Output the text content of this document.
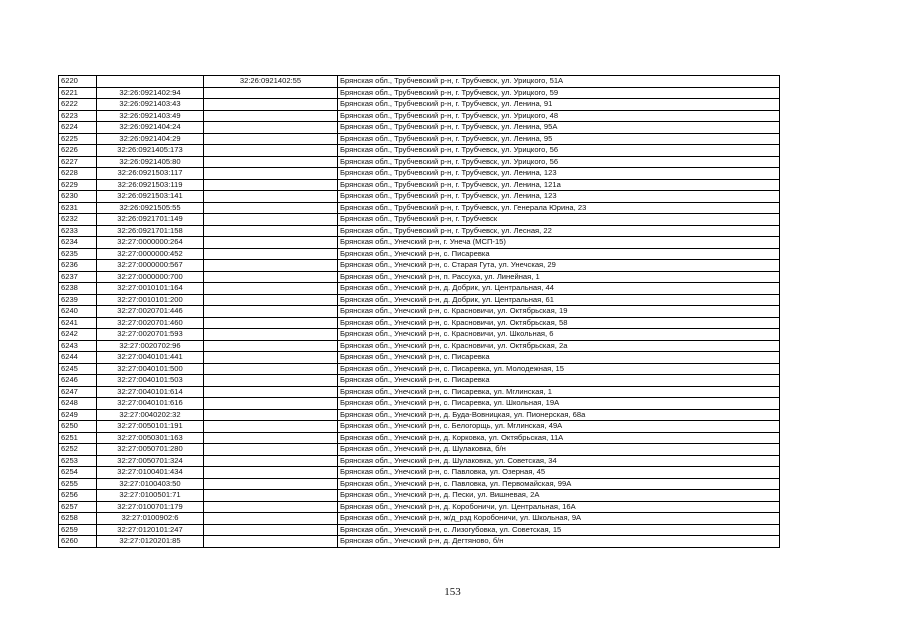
6220		32:26:0921402:55	Брянская обл., Трубчевский р-н, г. Трубчевск, ул. Урицкого, 51А
6221	32:26:0921402:94		Брянская обл., Трубчевский р-н, г. Трубчевск, ул. Урицкого, 59
6222	32:26:0921403:43		Брянская обл., Трубчевский р-н, г. Трубчевск, ул. Ленина, 91
6223	32:26:0921403:49		Брянская обл., Трубчевский р-н, г. Трубчевск, ул. Урицкого, 48
6224	32:26:0921404:24		Брянская обл., Трубчевский р-н, г. Трубчевск, ул. Ленина, 95А
6225	32:26:0921404:29		Брянская обл., Трубчевский р-н, г. Трубчевск, ул. Ленина, 95
6226	32:26:0921405:173		Брянская обл., Трубчевский р-н, г. Трубчевск, ул. Урицкого, 56
6227	32:26:0921405:80		Брянская обл., Трубчевский р-н, г. Трубчевск, ул. Урицкого, 56
6228	32:26:0921503:117		Брянская обл., Трубчевский р-н, г. Трубчевск, ул. Ленина, 123
6229	32:26:0921503:119		Брянская обл., Трубчевский р-н, г. Трубчевск, ул. Ленина, 121а
6230	32:26:0921503:141		Брянская обл., Трубчевский р-н, г. Трубчевск, ул. Ленина, 123
6231	32:26:0921505:55		Брянская обл., Трубчевский р-н, г. Трубчевск, ул. Генерала Юрина, 23
6232	32:26:0921701:149		Брянская обл., Трубчевский р-н, г. Трубчевск
6233	32:26:0921701:158		Брянская обл., Трубчевский р-н, г. Трубчевск, ул. Лесная, 22
6234	32:27:0000000:264		Брянская обл., Унечский р-н, г. Унеча (МСП-15)
6235	32:27:0000000:452		Брянская обл., Унечский р-н, с. Писаревка
6236	32:27:0000000:567		Брянская обл., Унечский р-н, с. Старая Гута, ул. Унечская, 29
6237	32:27:0000000:700		Брянская обл., Унечский р-н, п. Рассуха, ул. Линейная, 1
6238	32:27:0010101:164		Брянская обл., Унечский р-н, д. Добрик, ул. Центральная, 44
6239	32:27:0010101:200		Брянская обл., Унечский р-н, д. Добрик, ул. Центральная, 61
6240	32:27:0020701:446		Брянская обл., Унечский р-н, с. Красновичи, ул. Октябрьская, 19
6241	32:27:0020701:460		Брянская обл., Унечский р-н, с. Красновичи, ул. Октябрьская, 58
6242	32:27:0020701:593		Брянская обл., Унечский р-н, с. Красновичи, ул. Школьная, 6
6243	32:27:0020702:96		Брянская обл., Унечский р-н, с. Красновичи, ул. Октябрьская, 2а
6244	32:27:0040101:441		Брянская обл., Унечский р-н, с. Писаревка
6245	32:27:0040101:500		Брянская обл., Унечский р-н, с. Писаревка, ул. Молодежная, 15
6246	32:27:0040101:503		Брянская обл., Унечский р-н, с. Писаревка
6247	32:27:0040101:614		Брянская обл., Унечский р-н, с. Писаревка, ул. Мглинская, 1
6248	32:27:0040101:616		Брянская обл., Унечский р-н, с. Писаревка, ул. Школьная, 19А
6249	32:27:0040202:32		Брянская обл., Унечский р-н, д. Буда-Вовницкая, ул. Пионерская, 68а
6250	32:27:0050101:191		Брянская обл., Унечский р-н, с. Белогорщь, ул. Мглинская, 49А
6251	32:27:0050301:163		Брянская обл., Унечский р-н, д. Корковка, ул. Октябрьская, 11А
6252	32:27:0050701:280		Брянская обл., Унечский р-н, д. Шулаковка, б/н
6253	32:27:0050701:324		Брянская обл., Унечский р-н, д. Шулаковка, ул. Советская, 34
6254	32:27:0100401:434		Брянская обл., Унечский р-н, с. Павловка, ул. Озерная, 45
6255	32:27:0100403:50		Брянская обл., Унечский р-н, с. Павловка, ул. Первомайская, 99А
6256	32:27:0100501:71		Брянская обл., Унечский р-н, д. Пески, ул. Вишневая, 2А
6257	32:27:0100701:179		Брянская обл., Унечский р-н, д. Коробоничи, ул. Центральная, 16А
6258	32:27:0100902:6		Брянская обл., Унечский р-н, ж/д_рзд Коробоничи, ул. Школьная, 9А
6259	32:27:0120101:247		Брянская обл., Унечский р-н, с. Лизогубовка, ул. Советская, 15
6260	32:27:0120201:85		Брянская обл., Унечский р-н, д. Дегтяново, б/н
153
